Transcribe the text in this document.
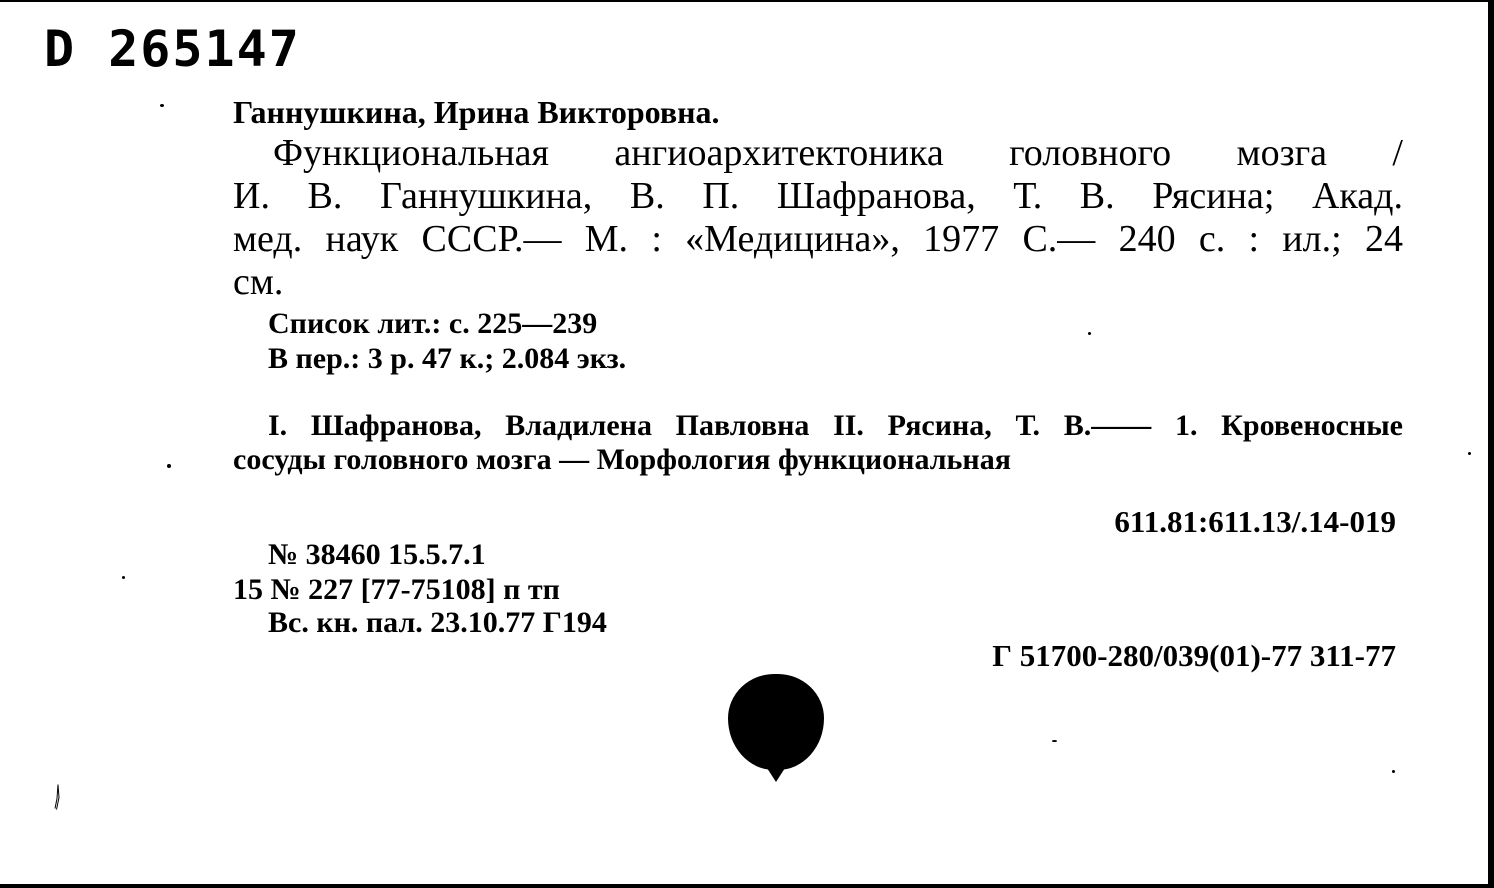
D 265147
Ганнушкина, Ирина Викторовна.
Функциональная ангиоархитектоника головного мозга /
И. В. Ганнушкина, В. П. Шафранова, Т. В. Рясина; Акад.
мед. наук СССР.— М. : «Медицина», 1977 С.— 240 с. : ил.; 24
см.
Список лит.: с. 225—239
В пер.: 3 р. 47 к.; 2.084 экз.
I. Шафранова, Владилена Павловна II. Рясина, Т. В.—— 1. Кровеносные
сосуды головного мозга — Морфология функциональная
611.81:611.13/.14-019
№ 38460 15.5.7.1
15 № 227 [77-75108] п тп
Вс. кн. пал. 23.10.77 Г194
Г 51700-280/039(01)-77 311-77
